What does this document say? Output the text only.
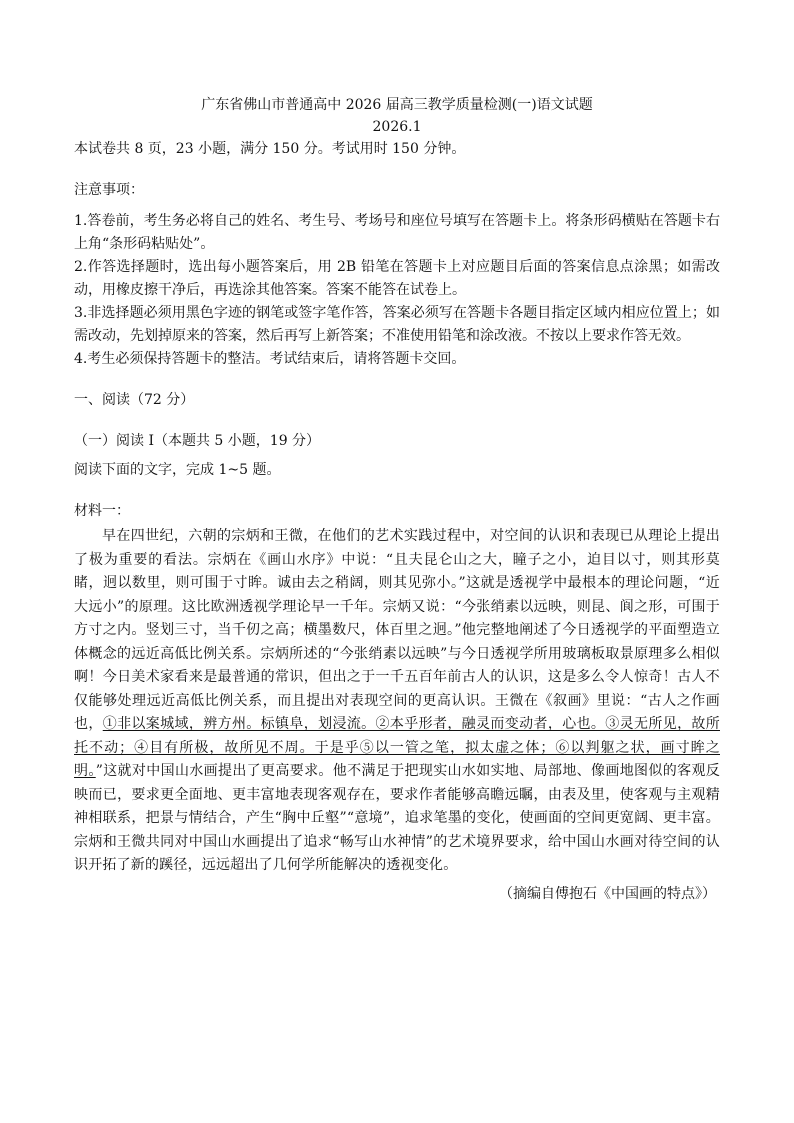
广东省佛山市普通高中 2026 届高三教学质量检测(一)语文试题

2026.1

本试卷共 8 页，23 小题，满分 150 分。考试用时 150 分钟。

注意事项：

1.答卷前，考生务必将自己的姓名、考生号、考场号和座位号填写在答题卡上。将条形码横贴在答题卡右上角“条形码粘贴处”。

2.作答选择题时，选出每小题答案后，用 2B 铅笔在答题卡上对应题目后面的答案信息点涂黑；如需改动，用橡皮擦干净后，再选涂其他答案。答案不能答在试卷上。

3.非选择题必须用黑色字迹的钢笔或签字笔作答，答案必须写在答题卡各题目指定区域内相应位置上；如需改动，先划掉原来的答案，然后再写上新答案；不准使用铅笔和涂改液。不按以上要求作答无效。

4.考生必须保持答题卡的整洁。考试结束后，请将答题卡交回。

一、阅读（72 分）

（一）阅读 I（本题共 5 小题，19 分）

阅读下面的文字，完成 1~5 题。

材料一：

早在四世纪，六朝的宗炳和王微，在他们的艺术实践过程中，对空间的认识和表现已从理论上提出了极为重要的看法。宗炳在《画山水序》中说：“且夫昆仑山之大，瞳子之小，迫目以寸，则其形莫睹，迥以数里，则可围于寸眸。诚由去之稍阔，则其见弥小。”这就是透视学中最根本的理论问题，“近大远小”的原理。这比欧洲透视学理论早一千年。宗炳又说：“今张绡素以远映，则昆、阆之形，可围于方寸之内。竖划三寸，当千仞之高；横墨数尺，体百里之迥。”他完整地阐述了今日透视学的平面塑造立体概念的远近高低比例关系。宗炳所述的“今张绡素以远映”与今日透视学所用玻璃板取景原理多么相似啊！今日美术家看来是最普通的常识，但出之于一千五百年前古人的认识，这是多么令人惊奇！古人不仅能够处理远近高低比例关系，而且提出对表现空间的更高认识。王微在《叙画》里说：“古人之作画也，①非以案城域，辨方州。标镇阜，划浸流。②本乎形者，融灵而变动者，心也。③灵无所见，故所托不动；④目有所极，故所见不周。于是乎⑤以一管之笔，拟太虚之体；⑥以判躯之状，画寸眸之明。”这就对中国山水画提出了更高要求。他不满足于把现实山水如实地、局部地、像画地图似的客观反映而已，要求更全面地、更丰富地表现客观存在，要求作者能够高瞻远瞩，由表及里，使客观与主观精神相联系，把景与情结合，产生“胸中丘壑”“意境”，追求笔墨的变化，使画面的空间更宽阔、更丰富。宗炳和王微共同对中国山水画提出了追求“畅写山水神情”的艺术境界要求，给中国山水画对待空间的认识开拓了新的蹊径，远远超出了几何学所能解决的透视变化。

（摘编自傅抱石《中国画的特点》）
